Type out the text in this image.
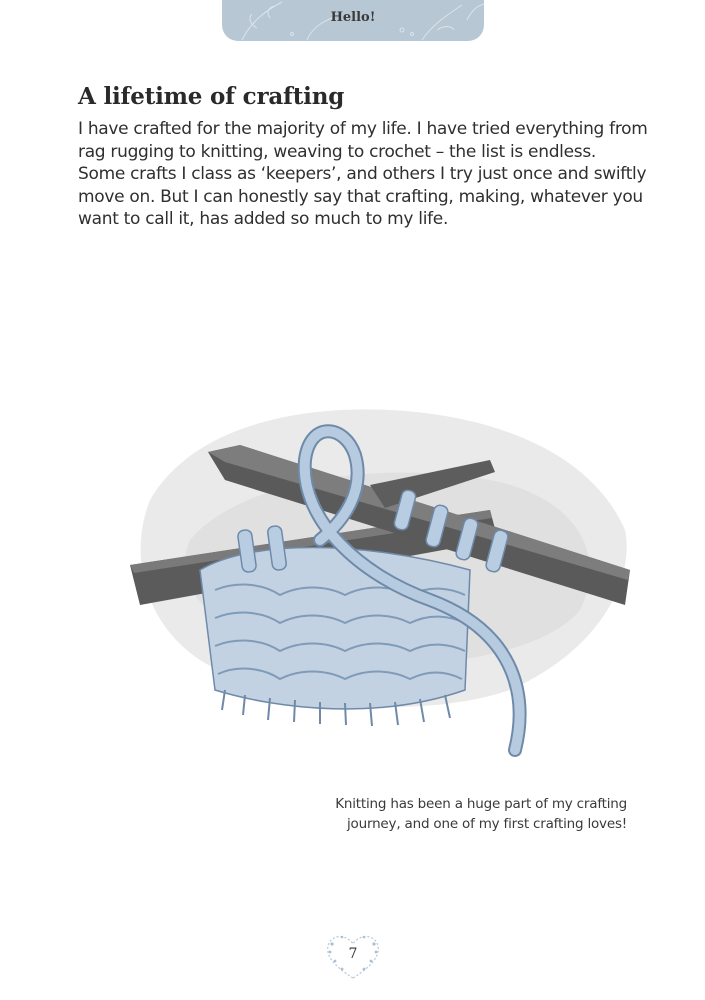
Hello!
A lifetime of crafting

I have crafted for the majority of my life. I have tried everything from rag rugging to knitting, weaving to crochet – the list is endless. Some crafts I class as ‘keepers’, and others I try just once and swiftly move on. But I can honestly say that crafting, making, whatever you want to call it, has added so much to my life.

Knitting has been a huge part of my crafting journey, and one of my first crafting loves!

7
